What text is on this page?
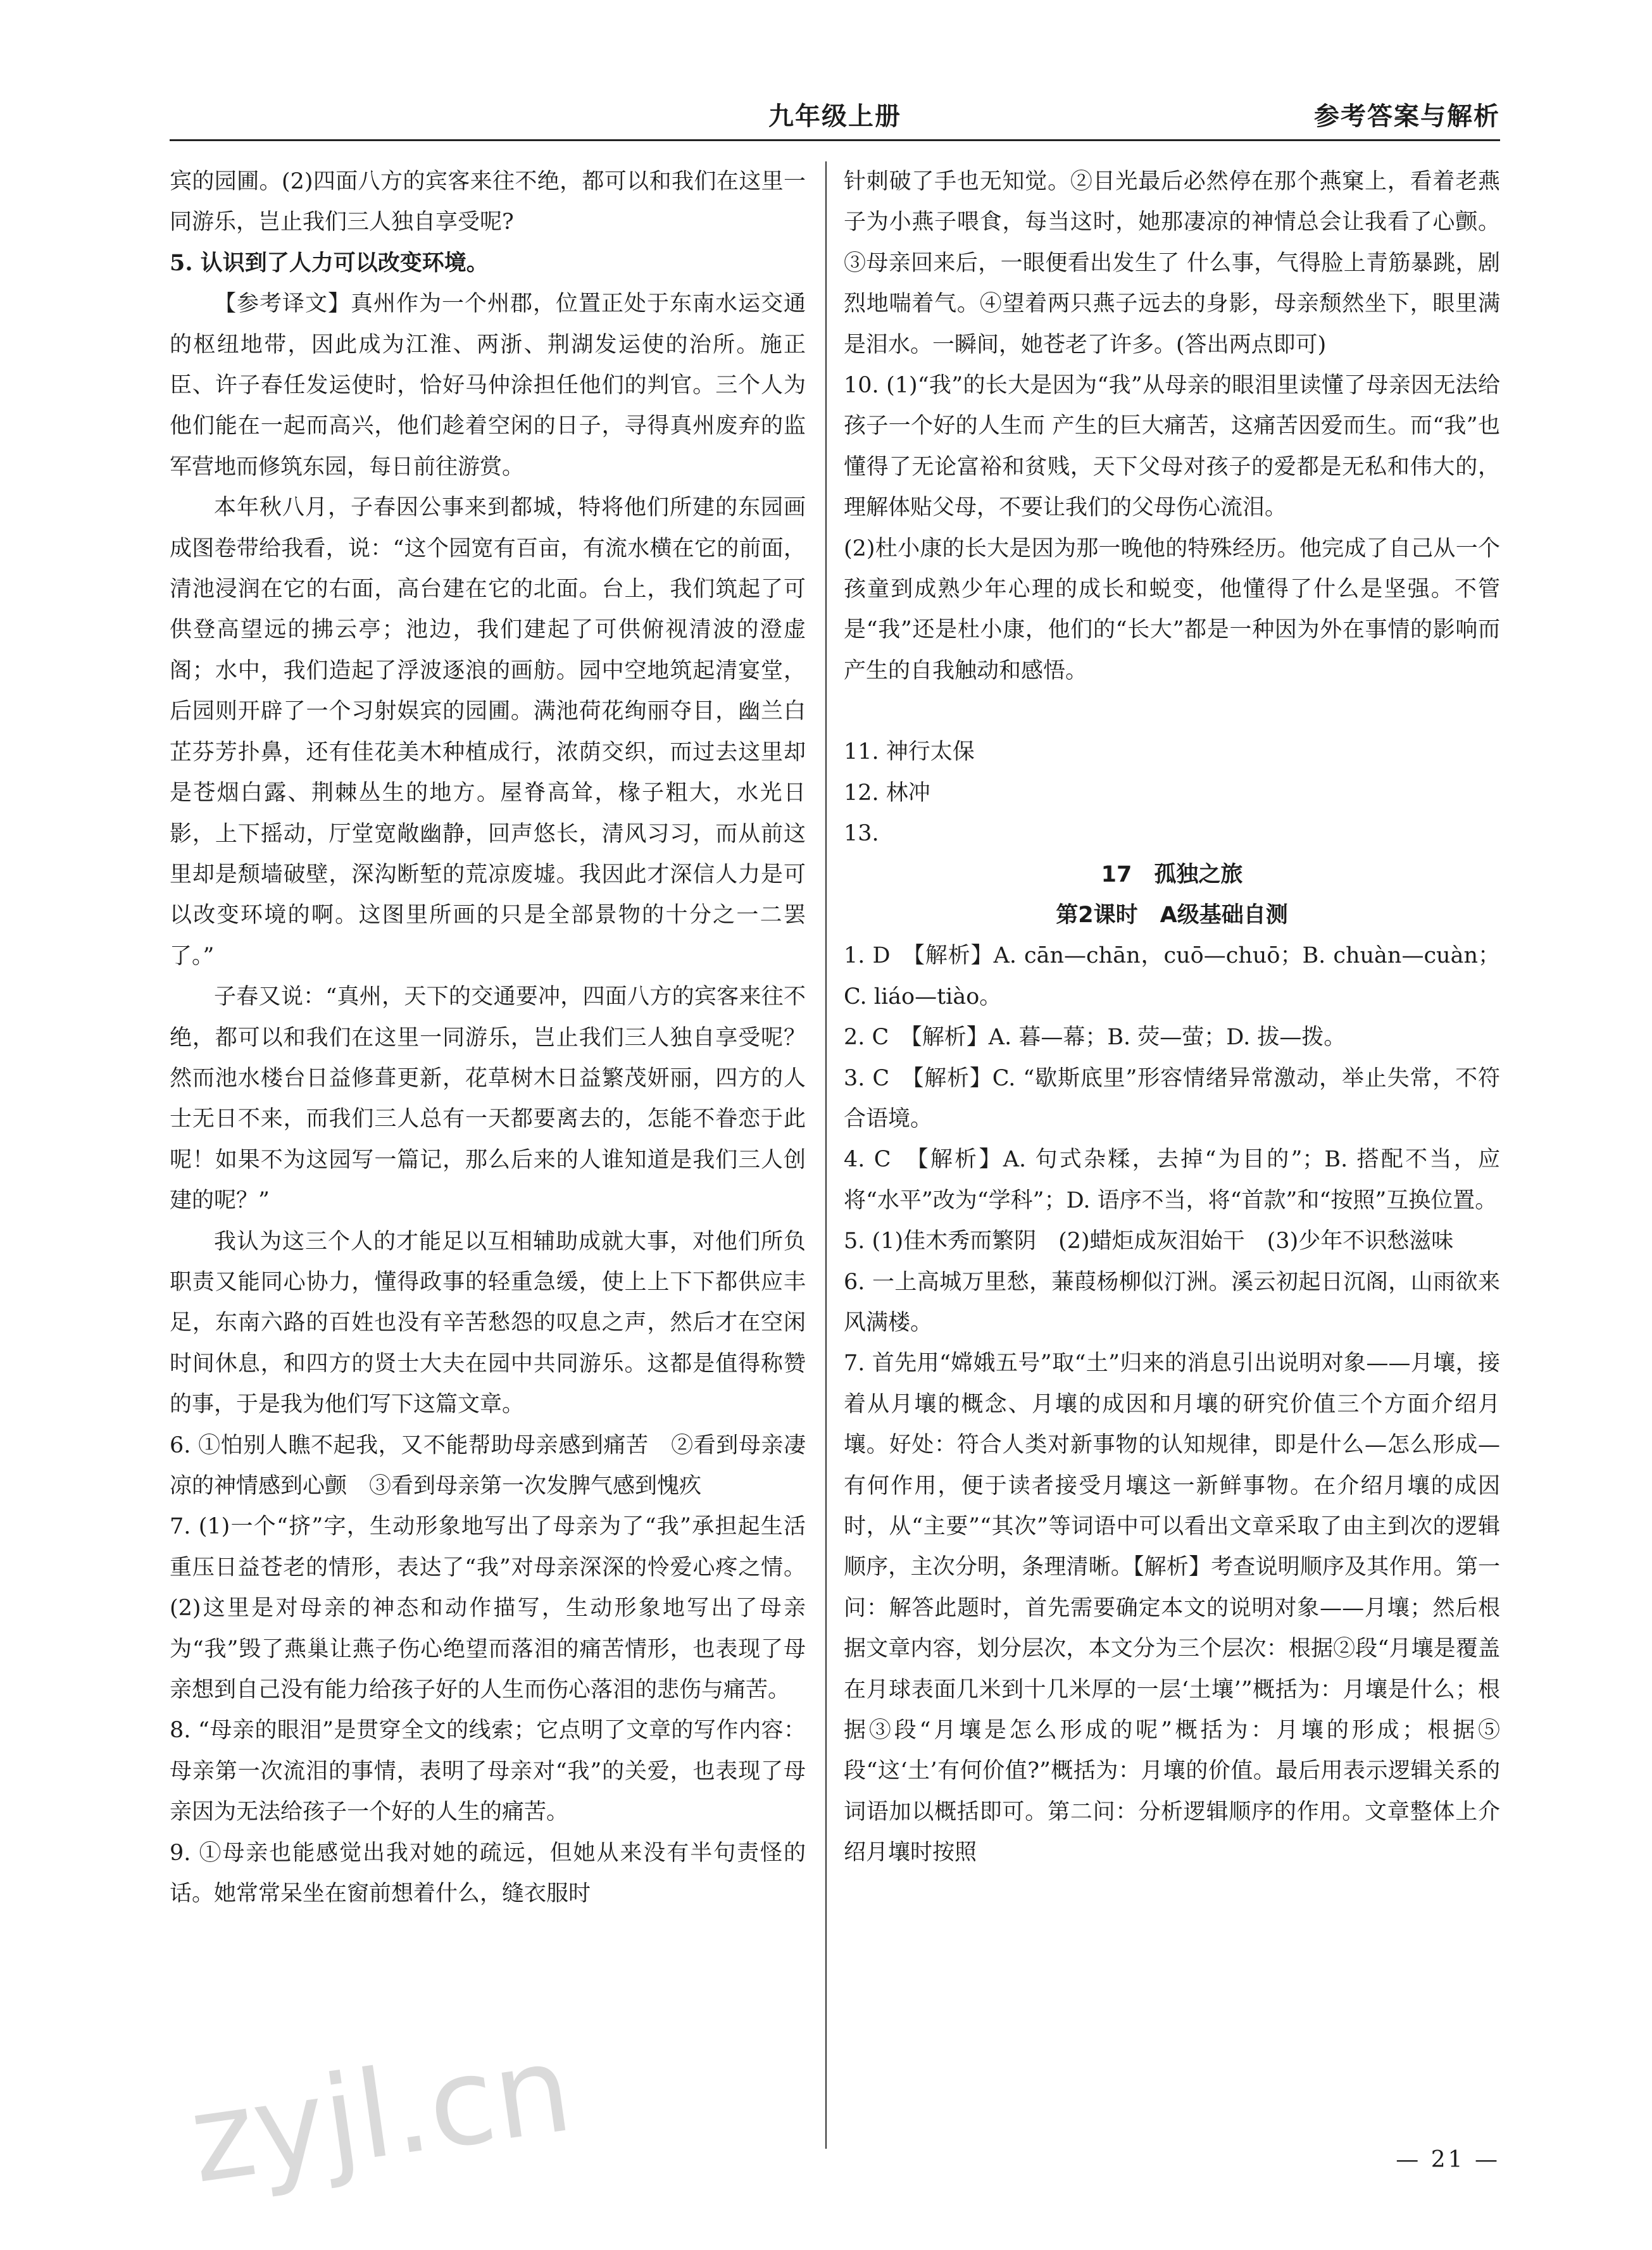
九年级上册	参考答案与解析

宾的园圃。(2)四面八方的宾客来往不绝，都可以和我们在这里一同游乐，岂止我们三人独自享受呢?

5. 认识到了人力可以改变环境。

【参考译文】真州作为一个州郡，位置正处于东南水运交通的枢纽地带，因此成为江淮、两浙、荆湖发运使的治所。施正臣、许子春任发运使时，恰好马仲涂担任他们的判官。三个人为他们能在一起而高兴，他们趁着空闲的日子，寻得真州废弃的监军营地而修筑东园，每日前往游赏。

本年秋八月，子春因公事来到都城，特将他们所建的东园画成图卷带给我看，说：“这个园宽有百亩，有流水横在它的前面，清池浸润在它的右面，高台建在它的北面。台上，我们筑起了可供登高望远的拂云亭；池边，我们建起了可供俯视清波的澄虚阁；水中，我们造起了浮波逐浪的画舫。园中空地筑起清宴堂，后园则开辟了一个习射娱宾的园圃。满池荷花绚丽夺目，幽兰白芷芬芳扑鼻，还有佳花美木种植成行，浓荫交织，而过去这里却是苍烟白露、荆棘丛生的地方。屋脊高耸，椽子粗大，水光日影，上下摇动，厅堂宽敞幽静，回声悠长，清风习习，而从前这里却是颓墙破壁，深沟断堑的荒凉废墟。我因此才深信人力是可以改变环境的啊。这图里所画的只是全部景物的十分之一二罢了。”

子春又说：“真州，天下的交通要冲，四面八方的宾客来往不绝，都可以和我们在这里一同游乐，岂止我们三人独自享受呢？然而池水楼台日益修葺更新，花草树木日益繁茂妍丽，四方的人士无日不来，而我们三人总有一天都要离去的，怎能不眷恋于此呢！如果不为这园写一篇记，那么后来的人谁知道是我们三人创建的呢？”

我认为这三个人的才能足以互相辅助成就大事，对他们所负职责又能同心协力，懂得政事的轻重急缓，使上上下下都供应丰足，东南六路的百姓也没有辛苦愁怨的叹息之声，然后才在空闲时间休息，和四方的贤士大夫在园中共同游乐。这都是值得称赞的事，于是我为他们写下这篇文章。

6. ①怕别人瞧不起我，又不能帮助母亲感到痛苦　②看到母亲凄凉的神情感到心颤　③看到母亲第一次发脾气感到愧疚

7. (1)一个“挤”字，生动形象地写出了母亲为了“我”承担起生活重压日益苍老的情形，表达了“我”对母亲深深的怜爱心疼之情。(2)这里是对母亲的神态和动作描写，生动形象地写出了母亲为“我”毁了燕巢让燕子伤心绝望而落泪的痛苦情形，也表现了母亲想到自己没有能力给孩子好的人生而伤心落泪的悲伤与痛苦。

8. “母亲的眼泪”是贯穿全文的线索；它点明了文章的写作内容：母亲第一次流泪的事情，表明了母亲对“我”的关爱，也表现了母亲因为无法给孩子一个好的人生的痛苦。

9. ①母亲也能感觉出我对她的疏远，但她从来没有半句责怪的话。她常常呆坐在窗前想着什么，缝衣服时

针刺破了手也无知觉。②目光最后必然停在那个燕窠上，看着老燕子为小燕子喂食，每当这时，她那凄凉的神情总会让我看了心颤。③母亲回来后，一眼便看出发生了 什么事，气得脸上青筋暴跳，剧烈地喘着气。④望着两只燕子远去的身影，母亲颓然坐下，眼里满是泪水。一瞬间，她苍老了许多。(答出两点即可)

10. (1)“我”的长大是因为“我”从母亲的眼泪里读懂了母亲因无法给孩子一个好的人生而 产生的巨大痛苦，这痛苦因爱而生。而“我”也懂得了无论富裕和贫贱，天下父母对孩子的爱都是无私和伟大的，理解体贴父母，不要让我们的父母伤心流泪。

(2)杜小康的长大是因为那一晚他的特殊经历。他完成了自己从一个孩童到成熟少年心理的成长和蜕变，他懂得了什么是坚强。不管是“我”还是杜小康，他们的“长大”都是一种因为外在事情的影响而产生的自我触动和感悟。

11. 神行太保

12. 林冲

13.

17　孤独之旅

第2课时　A级基础自测

1. D　【解析】A. cān—chān，cuō—chuō；B. chuàn—cuàn；C. liáo—tiào。

2. C　【解析】A. 暮—幕；B. 荧—萤；D. 拔—拨。

3. C　【解析】C. “歇斯底里”形容情绪异常激动，举止失常，不符合语境。

4. C　【解析】A. 句式杂糅，去掉“为目的”；B. 搭配不当，应将“水平”改为“学科”；D. 语序不当，将“首款”和“按照”互换位置。

5. (1)佳木秀而繁阴　(2)蜡炬成灰泪始干　(3)少年不识愁滋味

6. 一上高城万里愁，蒹葭杨柳似汀洲。溪云初起日沉阁，山雨欲来风满楼。

7. 首先用“嫦娥五号”取“土”归来的消息引出说明对象——月壤，接着从月壤的概念、月壤的成因和月壤的研究价值三个方面介绍月壤。好处：符合人类对新事物的认知规律，即是什么—怎么形成—有何作用，便于读者接受月壤这一新鲜事物。在介绍月壤的成因时，从“主要”“其次”等词语中可以看出文章采取了由主到次的逻辑顺序，主次分明，条理清晰。【解析】考查说明顺序及其作用。第一问：解答此题时，首先需要确定本文的说明对象——月壤；然后根据文章内容，划分层次，本文分为三个层次：根据②段“月壤是覆盖在月球表面几米到十几米厚的一层‘土壤’”概括为：月壤是什么；根据③段“月壤是怎么形成的呢”概括为：月壤的形成；根据⑤段“这‘土’有何价值?”概括为：月壤的价值。最后用表示逻辑关系的词语加以概括即可。第二问：分析逻辑顺序的作用。文章整体上介绍月壤时按照

zyjl.cn	— 21 —
